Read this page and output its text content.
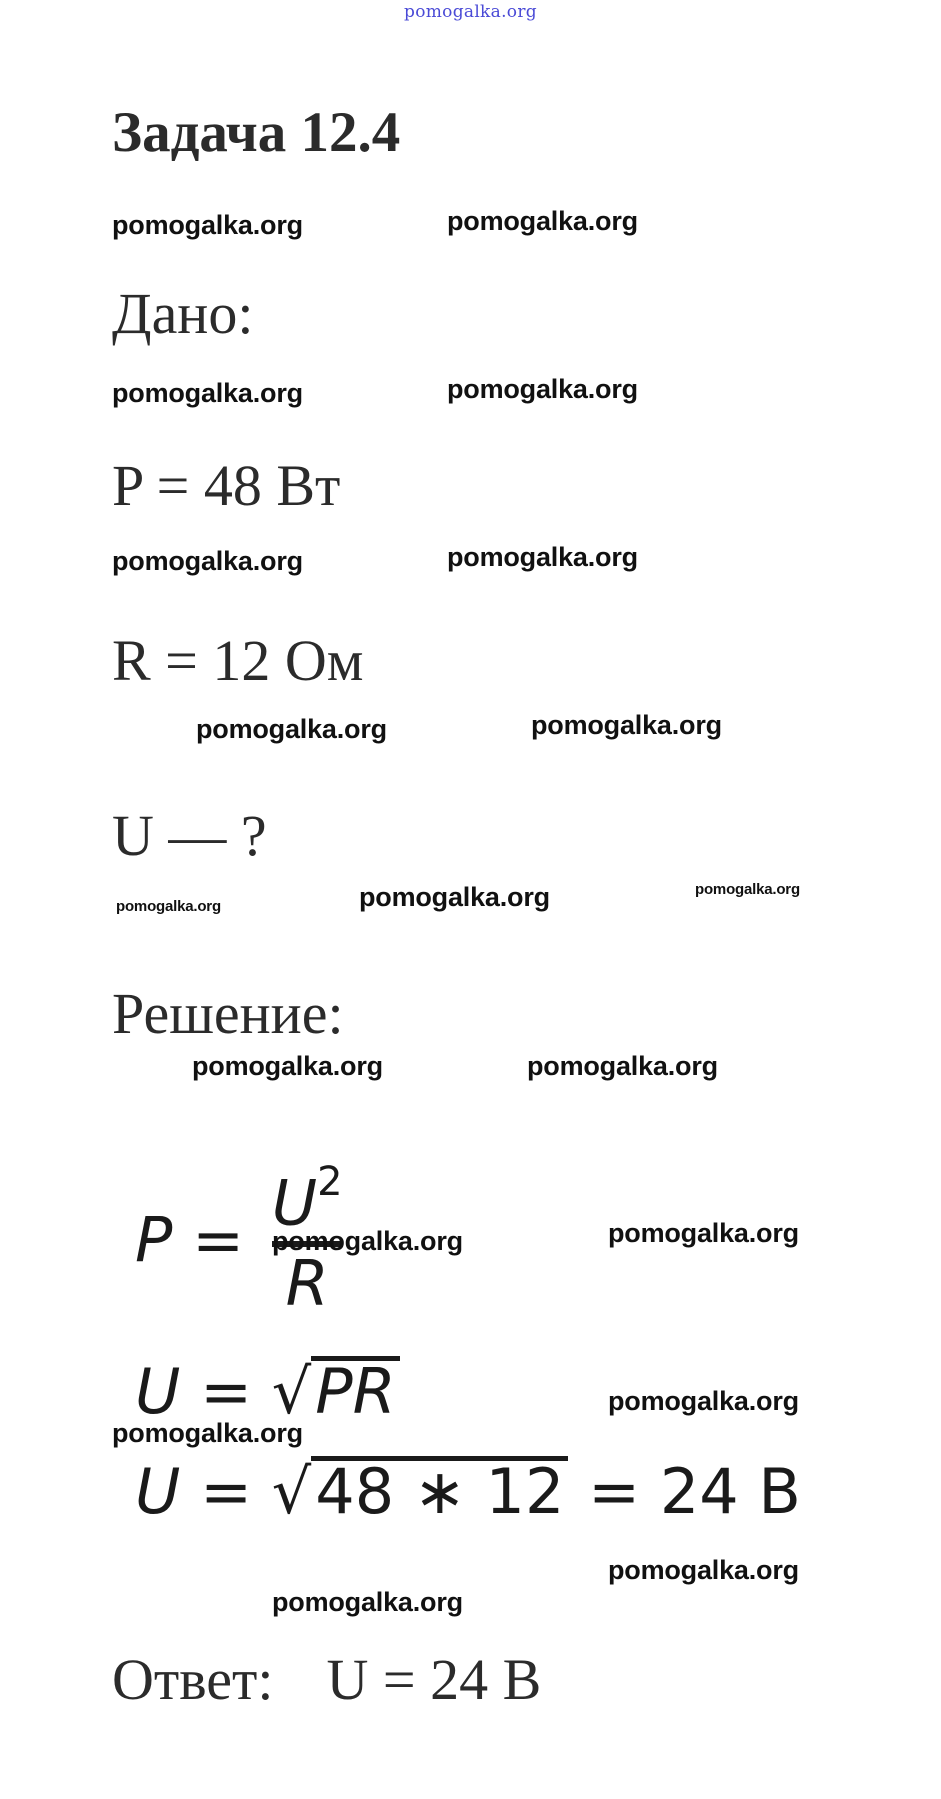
pomogalka.org
Задача 12.4
pomogalka.org	pomogalka.org
Дано:
pomogalka.org	pomogalka.org
P = 48 Вт
pomogalka.org	pomogalka.org
R = 12 Ом
pomogalka.org	pomogalka.org
U — ?
pomogalka.org	pomogalka.org	pomogalka.org
Решение:
pomogalka.org	pomogalka.org
P =
$U^2$
R
pomogalka.org	pomogalka.org
U = √PR	pomogalka.org
pomogalka.org
U = √48 ∗ 12 = 24 В
pomogalka.org
pomogalka.org
Ответ: U = 24 В
